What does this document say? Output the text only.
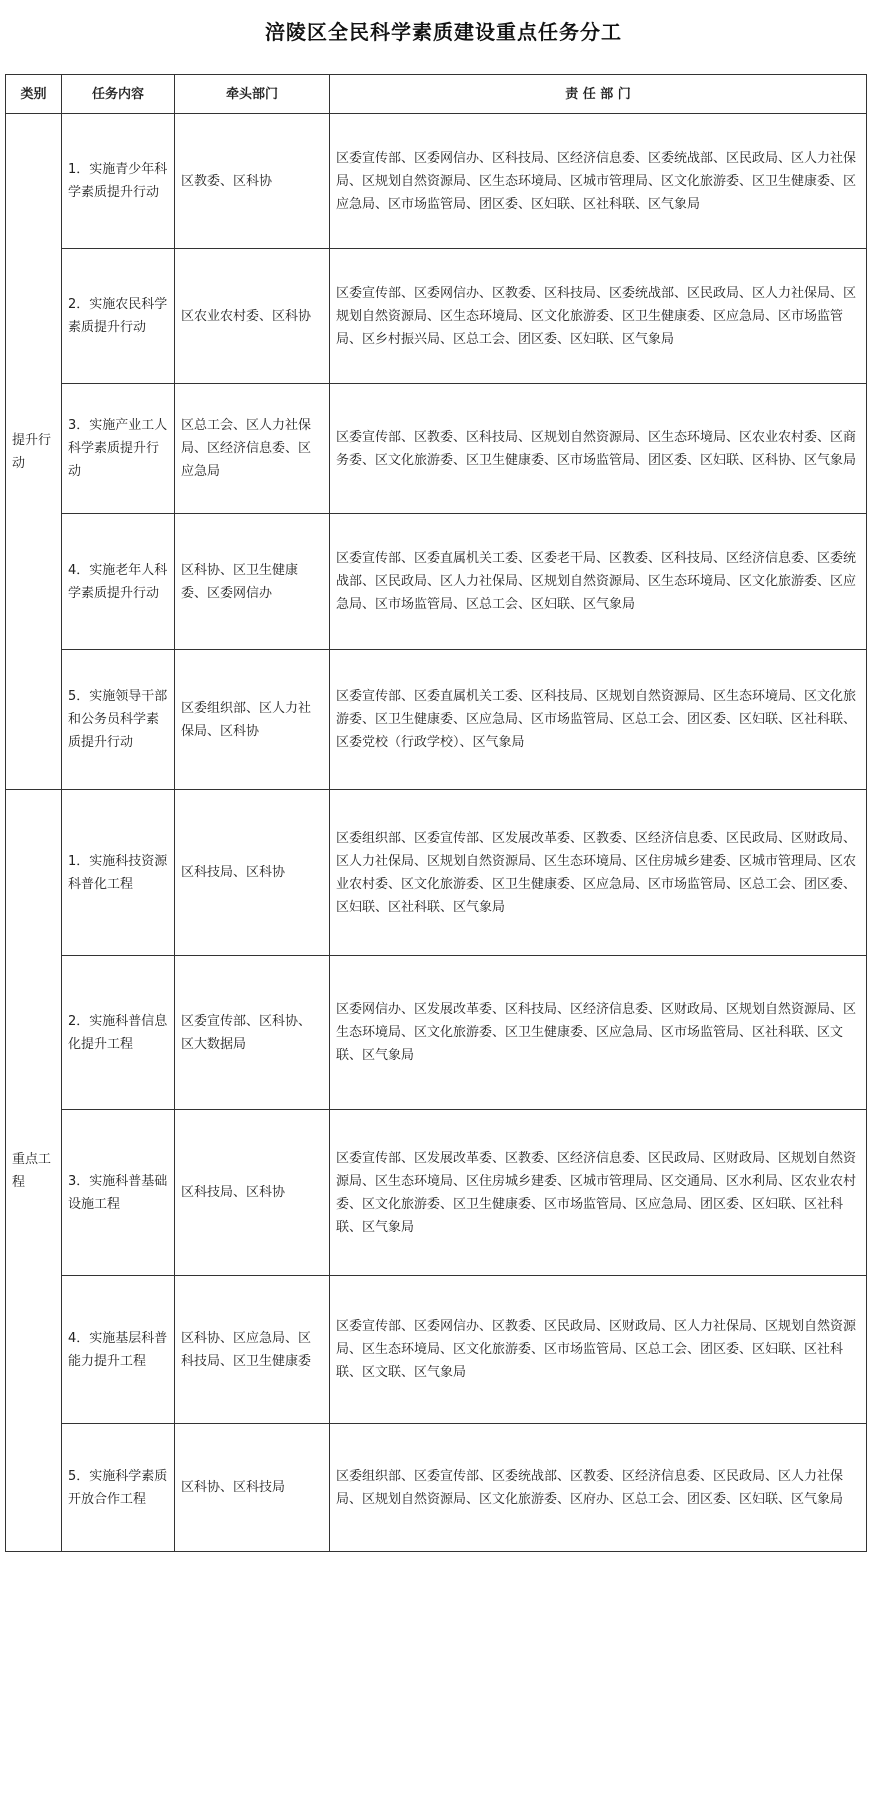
涪陵区全民科学素质建设重点任务分工
类别	任务内容	牵头部门	责 任 部 门
提升行动	1．实施青少年科学素质提升行动	区教委、区科协	区委宣传部、区委网信办、区科技局、区经济信息委、区委统战部、区民政局、区人力社保局、区规划自然资源局、区生态环境局、区城市管理局、区文化旅游委、区卫生健康委、区应急局、区市场监管局、团区委、区妇联、区社科联、区气象局
	2．实施农民科学素质提升行动	区农业农村委、区科协	区委宣传部、区委网信办、区教委、区科技局、区委统战部、区民政局、区人力社保局、区规划自然资源局、区生态环境局、区文化旅游委、区卫生健康委、区应急局、区市场监管局、区乡村振兴局、区总工会、团区委、区妇联、区气象局
	3．实施产业工人科学素质提升行动	区总工会、区人力社保局、区经济信息委、区应急局	区委宣传部、区教委、区科技局、区规划自然资源局、区生态环境局、区农业农村委、区商务委、区文化旅游委、区卫生健康委、区市场监管局、团区委、区妇联、区科协、区气象局
	4．实施老年人科学素质提升行动	区科协、区卫生健康委、区委网信办	区委宣传部、区委直属机关工委、区委老干局、区教委、区科技局、区经济信息委、区委统战部、区民政局、区人力社保局、区规划自然资源局、区生态环境局、区文化旅游委、区应急局、区市场监管局、区总工会、区妇联、区气象局
	5．实施领导干部和公务员科学素质提升行动	区委组织部、区人力社保局、区科协	区委宣传部、区委直属机关工委、区科技局、区规划自然资源局、区生态环境局、区文化旅游委、区卫生健康委、区应急局、区市场监管局、区总工会、团区委、区妇联、区社科联、区委党校（行政学校）、区气象局
重点工程	1．实施科技资源科普化工程	区科技局、区科协	区委组织部、区委宣传部、区发展改革委、区教委、区经济信息委、区民政局、区财政局、区人力社保局、区规划自然资源局、区生态环境局、区住房城乡建委、区城市管理局、区农业农村委、区文化旅游委、区卫生健康委、区应急局、区市场监管局、区总工会、团区委、区妇联、区社科联、区气象局
	2．实施科普信息化提升工程	区委宣传部、区科协、区大数据局	区委网信办、区发展改革委、区科技局、区经济信息委、区财政局、区规划自然资源局、区生态环境局、区文化旅游委、区卫生健康委、区应急局、区市场监管局、区社科联、区文联、区气象局
	3．实施科普基础设施工程	区科技局、区科协	区委宣传部、区发展改革委、区教委、区经济信息委、区民政局、区财政局、区规划自然资源局、区生态环境局、区住房城乡建委、区城市管理局、区交通局、区水利局、区农业农村委、区文化旅游委、区卫生健康委、区市场监管局、区应急局、团区委、区妇联、区社科联、区气象局
	4．实施基层科普能力提升工程	区科协、区应急局、区科技局、区卫生健康委	区委宣传部、区委网信办、区教委、区民政局、区财政局、区人力社保局、区规划自然资源局、区生态环境局、区文化旅游委、区市场监管局、区总工会、团区委、区妇联、区社科联、区文联、区气象局
	5．实施科学素质开放合作工程	区科协、区科技局	区委组织部、区委宣传部、区委统战部、区教委、区经济信息委、区民政局、区人力社保局、区规划自然资源局、区文化旅游委、区府办、区总工会、团区委、区妇联、区气象局
